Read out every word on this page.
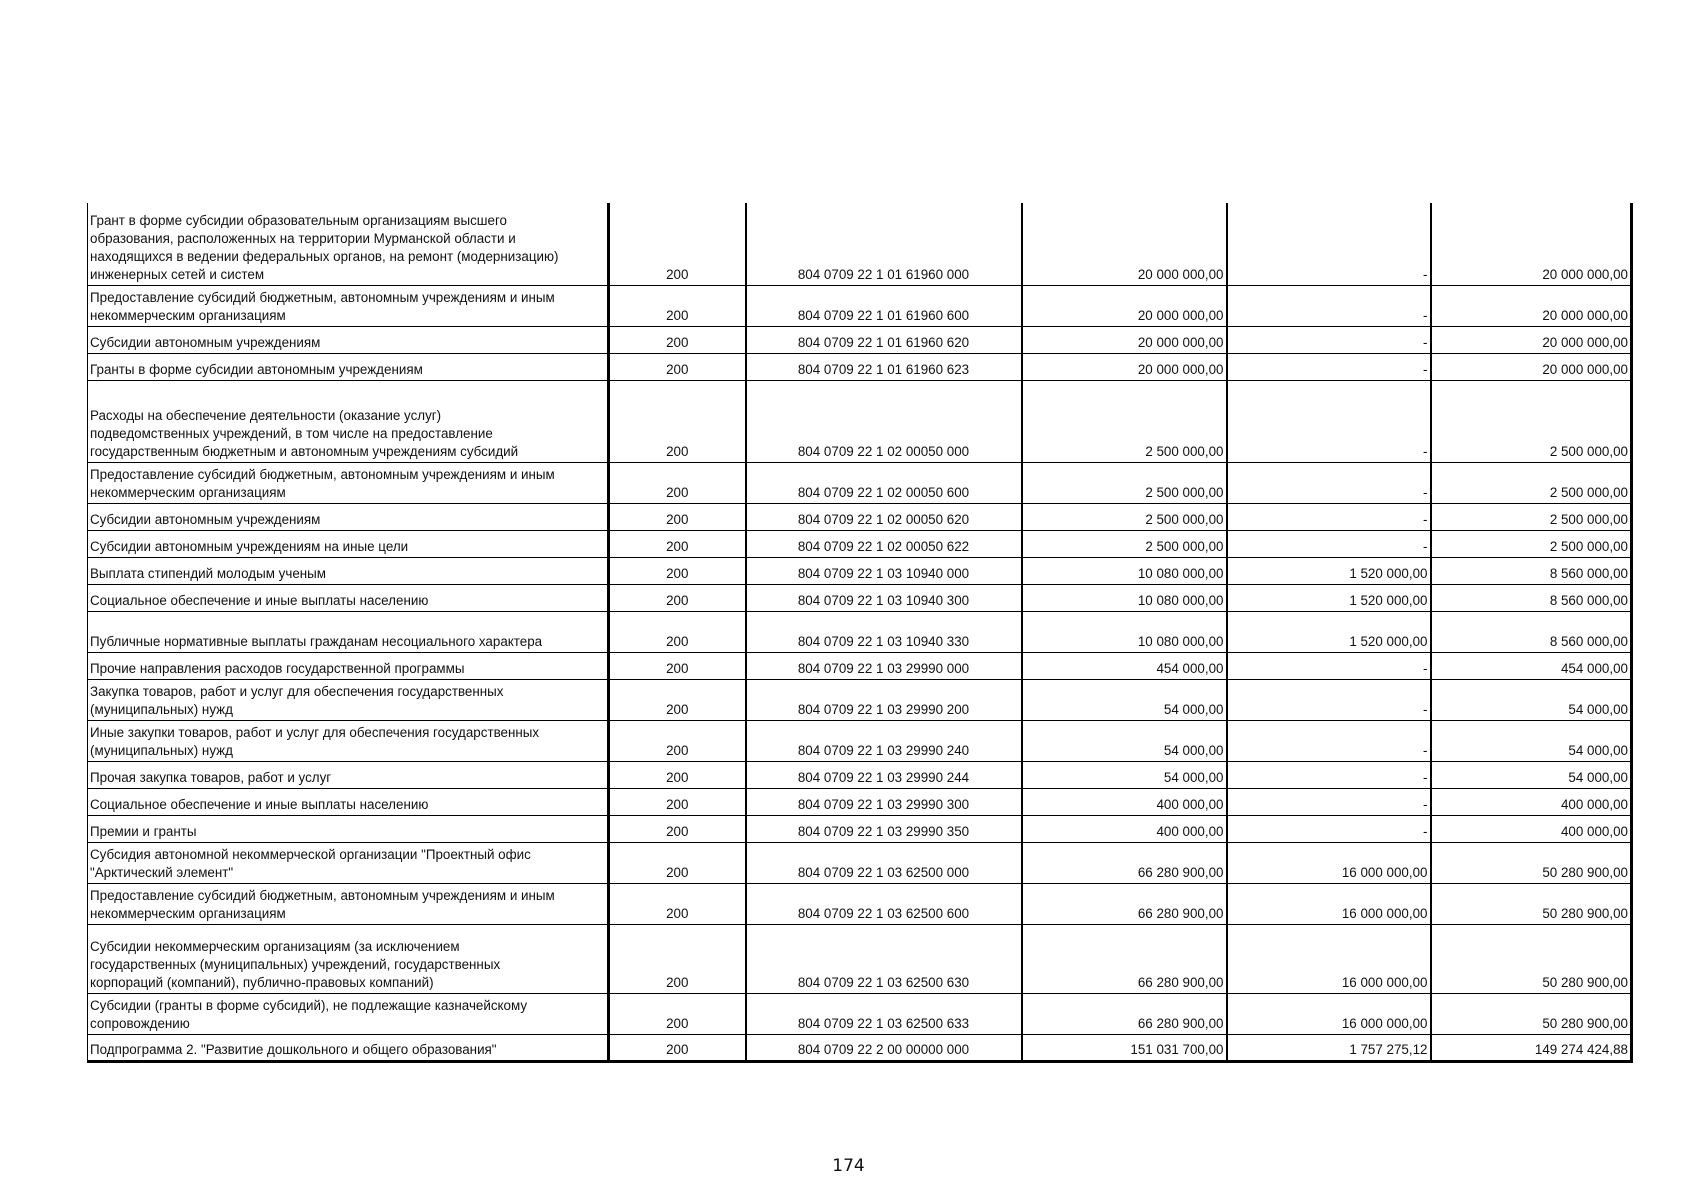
Грант в форме субсидии образовательным организациям высшего
образования, расположенных на территории Мурманской области и
находящихся в ведении федеральных органов, на ремонт (модернизацию)
инженерных сетей и систем	200	804 0709 22 1 01 61960 000	20 000 000,00	-	20 000 000,00
Предоставление субсидий бюджетным, автономным учреждениям и иным
некоммерческим организациям	200	804 0709 22 1 01 61960 600	20 000 000,00	-	20 000 000,00
Субсидии автономным учреждениям	200	804 0709 22 1 01 61960 620	20 000 000,00	-	20 000 000,00
Гранты в форме субсидии автономным учреждениям	200	804 0709 22 1 01 61960 623	20 000 000,00	-	20 000 000,00
Расходы на обеспечение деятельности (оказание услуг)
подведомственных учреждений, в том числе на предоставление
государственным бюджетным и автономным учреждениям субсидий	200	804 0709 22 1 02 00050 000	2 500 000,00	-	2 500 000,00
Предоставление субсидий бюджетным, автономным учреждениям и иным
некоммерческим организациям	200	804 0709 22 1 02 00050 600	2 500 000,00	-	2 500 000,00
Субсидии автономным учреждениям	200	804 0709 22 1 02 00050 620	2 500 000,00	-	2 500 000,00
Субсидии автономным учреждениям на иные цели	200	804 0709 22 1 02 00050 622	2 500 000,00	-	2 500 000,00
Выплата стипендий молодым ученым	200	804 0709 22 1 03 10940 000	10 080 000,00	1 520 000,00	8 560 000,00
Социальное обеспечение и иные выплаты населению	200	804 0709 22 1 03 10940 300	10 080 000,00	1 520 000,00	8 560 000,00
Публичные нормативные выплаты гражданам несоциального характера	200	804 0709 22 1 03 10940 330	10 080 000,00	1 520 000,00	8 560 000,00
Прочие направления расходов государственной программы	200	804 0709 22 1 03 29990 000	454 000,00	-	454 000,00
Закупка товаров, работ и услуг для обеспечения государственных
(муниципальных) нужд	200	804 0709 22 1 03 29990 200	54 000,00	-	54 000,00
Иные закупки товаров, работ и услуг для обеспечения государственных
(муниципальных) нужд	200	804 0709 22 1 03 29990 240	54 000,00	-	54 000,00
Прочая закупка товаров, работ и услуг	200	804 0709 22 1 03 29990 244	54 000,00	-	54 000,00
Социальное обеспечение и иные выплаты населению	200	804 0709 22 1 03 29990 300	400 000,00	-	400 000,00
Премии и гранты	200	804 0709 22 1 03 29990 350	400 000,00	-	400 000,00
Субсидия автономной некоммерческой организации "Проектный офис
"Арктический элемент"	200	804 0709 22 1 03 62500 000	66 280 900,00	16 000 000,00	50 280 900,00
Предоставление субсидий бюджетным, автономным учреждениям и иным
некоммерческим организациям	200	804 0709 22 1 03 62500 600	66 280 900,00	16 000 000,00	50 280 900,00
Субсидии некоммерческим организациям (за исключением
государственных (муниципальных) учреждений, государственных
корпораций (компаний), публично-правовых компаний)	200	804 0709 22 1 03 62500 630	66 280 900,00	16 000 000,00	50 280 900,00
Субсидии (гранты в форме субсидий), не подлежащие казначейскому
сопровождению	200	804 0709 22 1 03 62500 633	66 280 900,00	16 000 000,00	50 280 900,00
Подпрограмма 2. "Развитие дошкольного и общего образования"	200	804 0709 22 2 00 00000 000	151 031 700,00	1 757 275,12	149 274 424,88
174
